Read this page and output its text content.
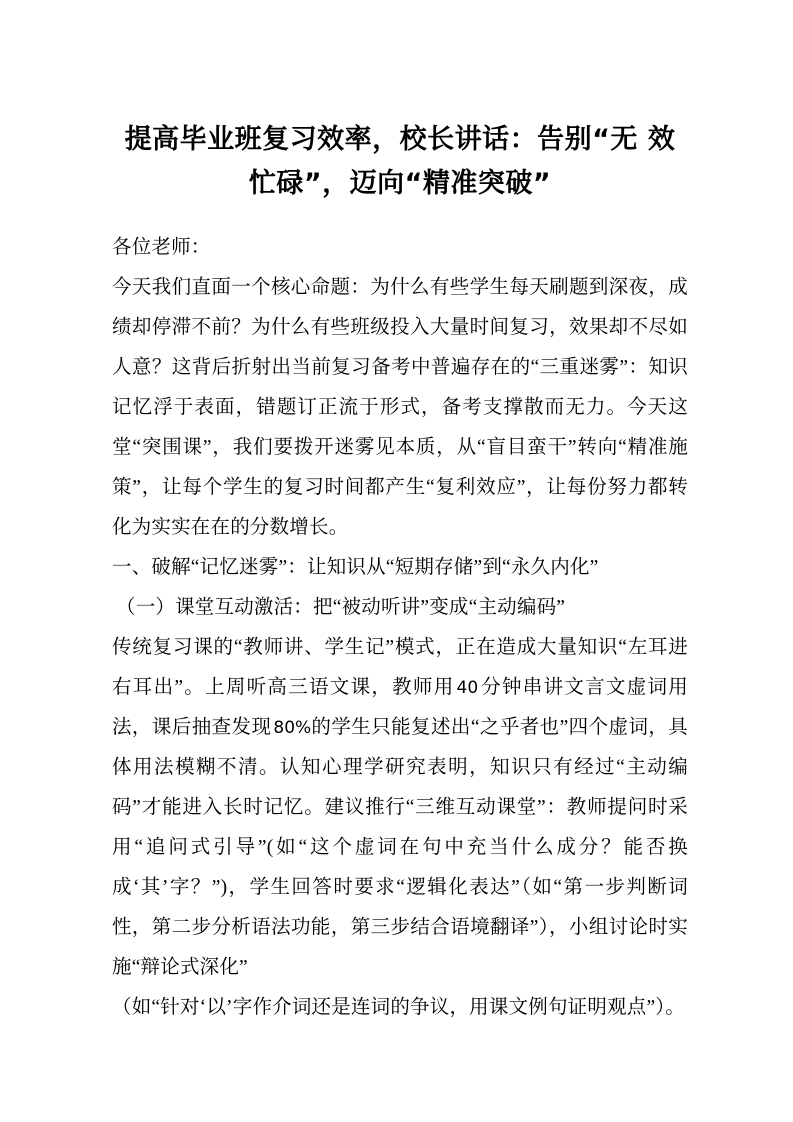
提高毕业班复习效率，校长讲话：告别“无 效忙碌”，迈向“精准突破”

各位老师：

今天我们直面一个核心命题：为什么有些学生每天刷题到深夜，成绩却停滞不前？为什么有些班级投入大量时间复习，效果却不尽如人意？这背后折射出当前复习备考中普遍存在的“三重迷雾”：知识记忆浮于表面，错题订正流于形式，备考支撑散而无力。今天这堂“突围课”，我们要拨开迷雾见本质，从“盲目蛮干”转向“精准施策”，让每个学生的复习时间都产生“复利效应”，让每份努力都转化为实实在在的分数增长。

一、破解“记忆迷雾”：让知识从“短期存储”到“永久内化”

（一）课堂互动激活：把“被动听讲”变成“主动编码”

传统复习课的“教师讲、学生记”模式，正在造成大量知识“左耳进右耳出”。上周听高三语文课，教师用 40 分钟串讲文言文虚词用法，课后抽查发现 80%的学生只能复述出“之乎者也”四个虚词，具体用法模糊不清。认知心理学研究表明，知识只有经过“主动编码”才能进入长时记忆。建议推行“三维互动课堂”：教师提问时采用“追问式引导”(如“这个虚词在句中充当什么成分？能否换成‘其’字？”)，学生回答时要求“逻辑化表达”（如“第一步判断词性，第二步分析语法功能，第三步结合语境翻译”），小组讨论时实施“辩论式深化”

（如“针对‘以’字作介词还是连词的争议，用课文例句证明观点”）。
